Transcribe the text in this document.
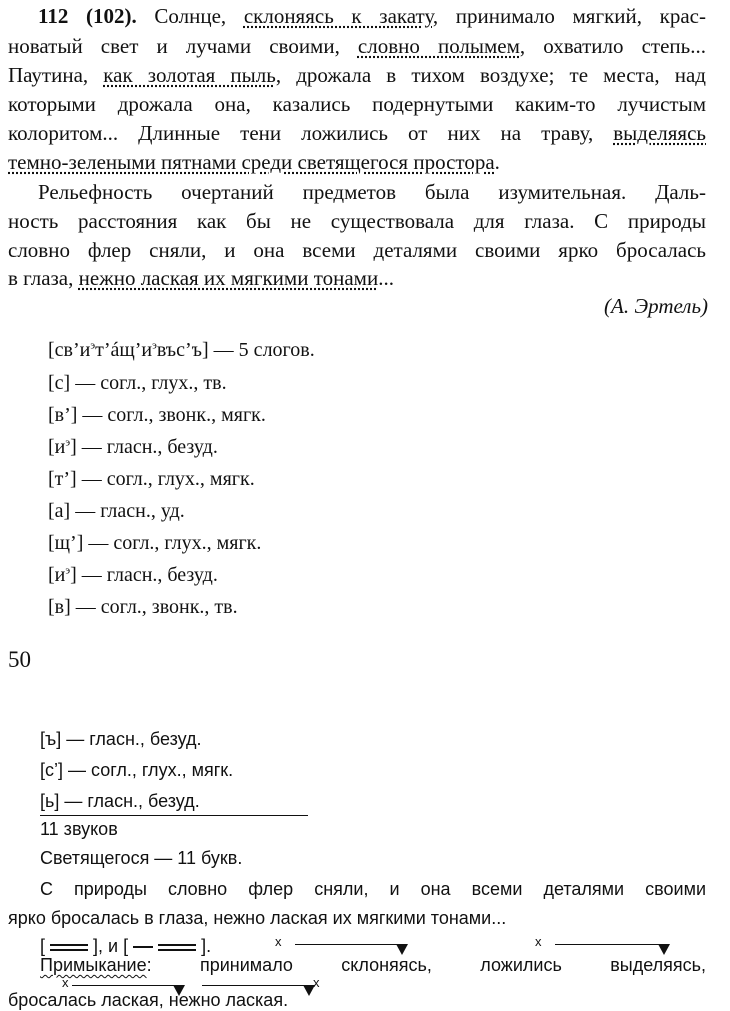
112 (102). Солнце, склоняясь к закату, принимало мягкий, крас-
новатый свет и лучами своими, словно полымем, охватило степь...
Паутина, как золотая пыль, дрожала в тихом воздухе; те места, над
которыми дрожала она, казались подернутыми каким-то лучистым
колоритом... Длинные тени ложились от них на траву, выделяясь
темно-зелеными пятнами среди светящегося простора.
Рельефность очертаний предметов была изумительная. Даль-
ность расстояния как бы не существовала для глаза. С природы
словно флер сняли, и она всеми деталями своими ярко бросалась
в глаза, нежно лаская их мягкими тонами...
(А. Эртель)
$[св’и^эт’áщ’и^эвъс’ъ]$ — 5 слогов.
[с] — согл., глух., тв.
[в’] — согл., звонк., мягк.
$[и^э]$ — гласн., безуд.
[т’] — согл., глух., мягк.
[а] — гласн., уд.
[щ’] — согл., глух., мягк.
$[и^э]$ — гласн., безуд.
[в] — согл., звонк., тв.
50
[ъ] — гласн., безуд.
[с’] — согл., глух., мягк.
[ь] — гласн., безуд.
11 звуков
Светящегося — 11 букв.
С природы словно флер сняли, и она всеми деталями своими
ярко бросалась в глаза, нежно лаская их мягкими тонами...
[	], и [	].	x	x
Примыкание: принимало склоняясь, ложились выделяясь,
x	x
бросалась лаская, нежно лаская.
